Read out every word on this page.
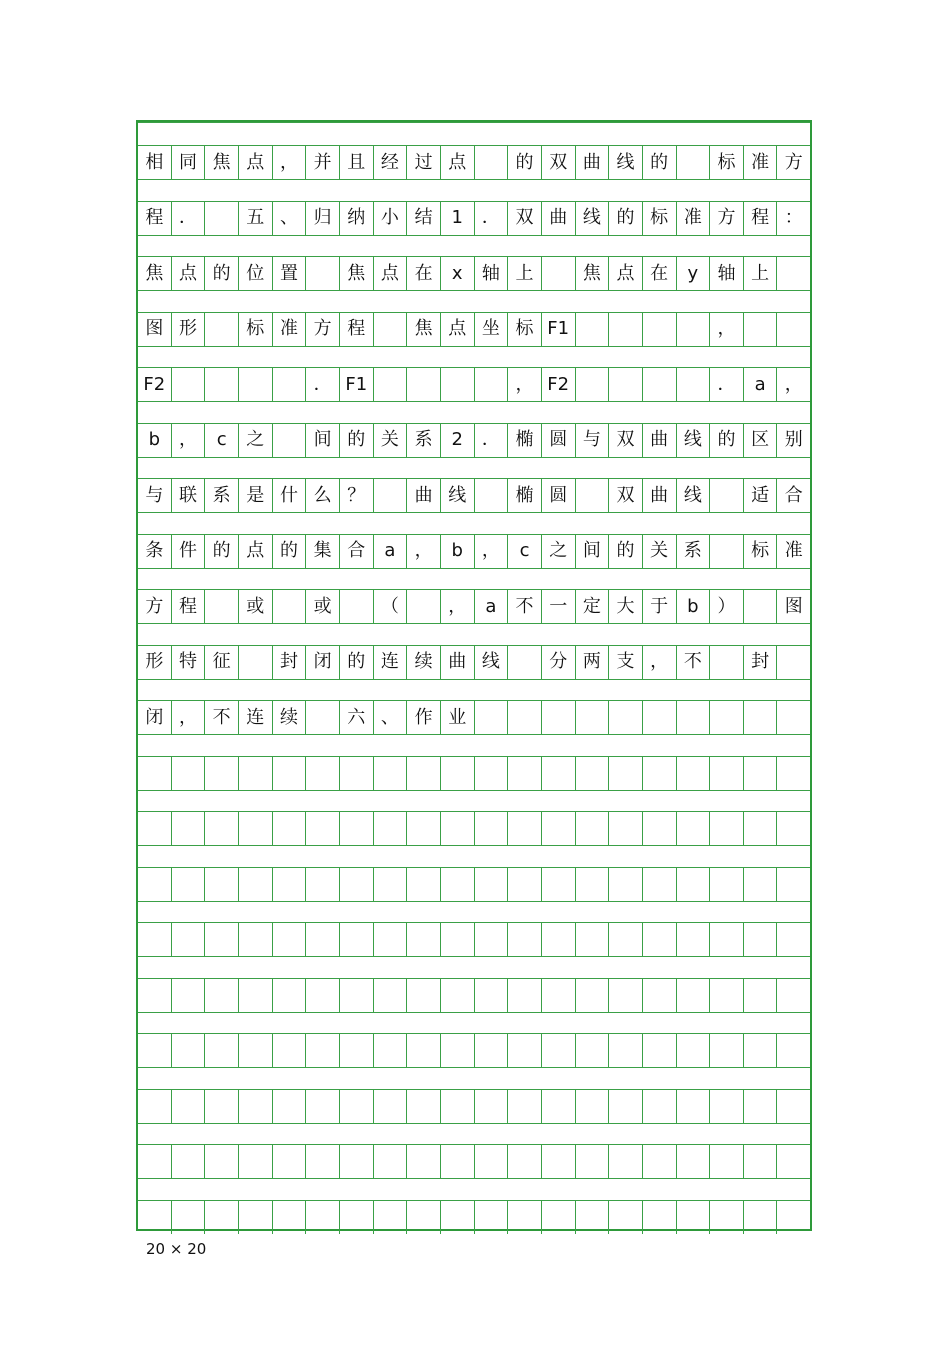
相 同 焦 点 ， 并 且 经 过 点	的 双 曲 线 的	标 准 方
程 ．	五 、 归 纳 小 结	1	． 双 曲 线 的 标 准 方 程 ：
焦 点 的 位 置	焦 点 在	x	轴 上	焦 点 在	y	轴 上
图 形	标 准 方 程	焦 点 坐 标 F1	，
F2	． F1	， F2	．	a	，
b	，	c	之	间 的 关 系	2	． 椭 圆 与 双 曲 线 的 区 别
与 联 系 是 什 么 ？	曲 线	椭 圆	双 曲 线	适 合
条 件 的 点 的 集 合	a	，	b	，	c	之 间 的 关 系	标 准
方 程	或	或	（	，	a	不 一 定 大 于	b	）	图
形 特 征	封 闭 的 连 续 曲 线	分 两 支 ， 不	封
闭 ， 不 连 续	六 、 作 业
20 × 20
